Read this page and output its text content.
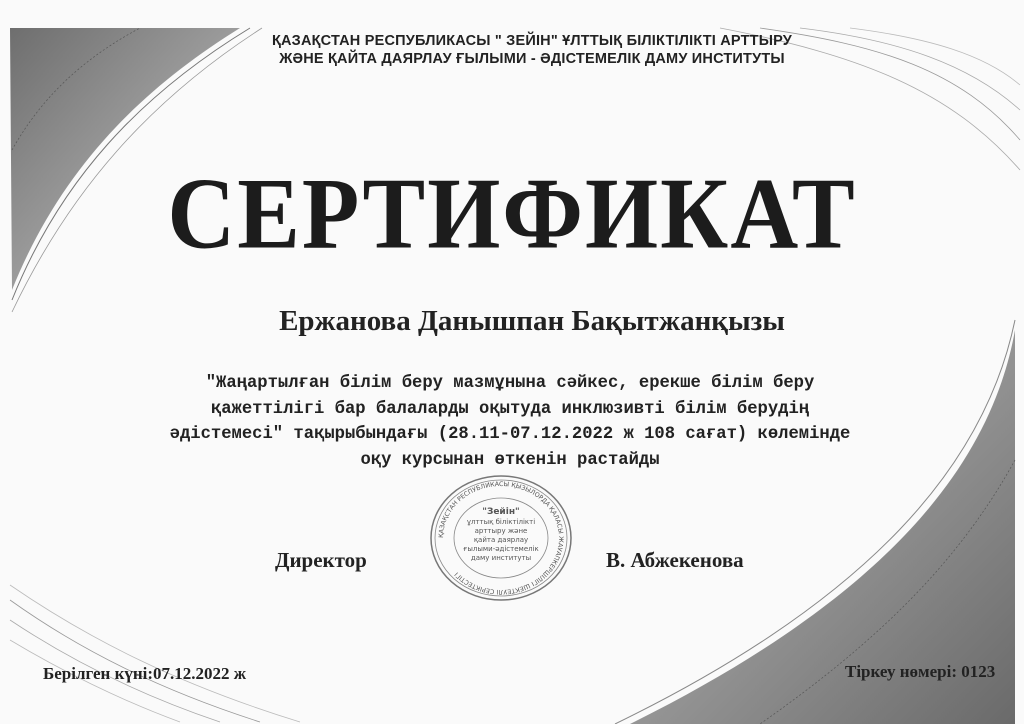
ҚАЗАҚСТАН РЕСПУБЛИКАСЫ " ЗЕЙІН" ҰЛТТЫҚ БІЛІКТІЛІКТІ АРТТЫРУ
ЖӘНЕ ҚАЙТА ДАЯРЛАУ ҒЫЛЫМИ - ӘДІСТЕМЕЛІК ДАМУ ИНСТИТУТЫ
СЕРТИФИКАТ
Ержанова Данышпан Бақытжанқызы
"Жаңартылған білім беру мазмұнына сәйкес, ерекше білім беру
қажеттілігі бар балаларды оқытуда инклюзивті білім берудің
әдістемесі" тақырыбындағы (28.11-07.12.2022 ж 108 сағат) көлемінде
оқу курсынан өткенін растайды
ҚАЗАҚСТАН РЕСПУБЛИКАСЫ ҚЫЗЫЛОРДА ҚАЛАСЫ ЖАУАПКЕРШІЛІГІ ШЕКТЕУЛІ СЕРІКТЕСТІГІ
"Зейін"
ұлттық біліктілікті
арттыру және
қайта даярлау
ғылыми-әдістемелік
даму институты
Директор	В. Абжекенова
Берілген күні:07.12.2022 ж	Тіркеу нөмері: 0123
